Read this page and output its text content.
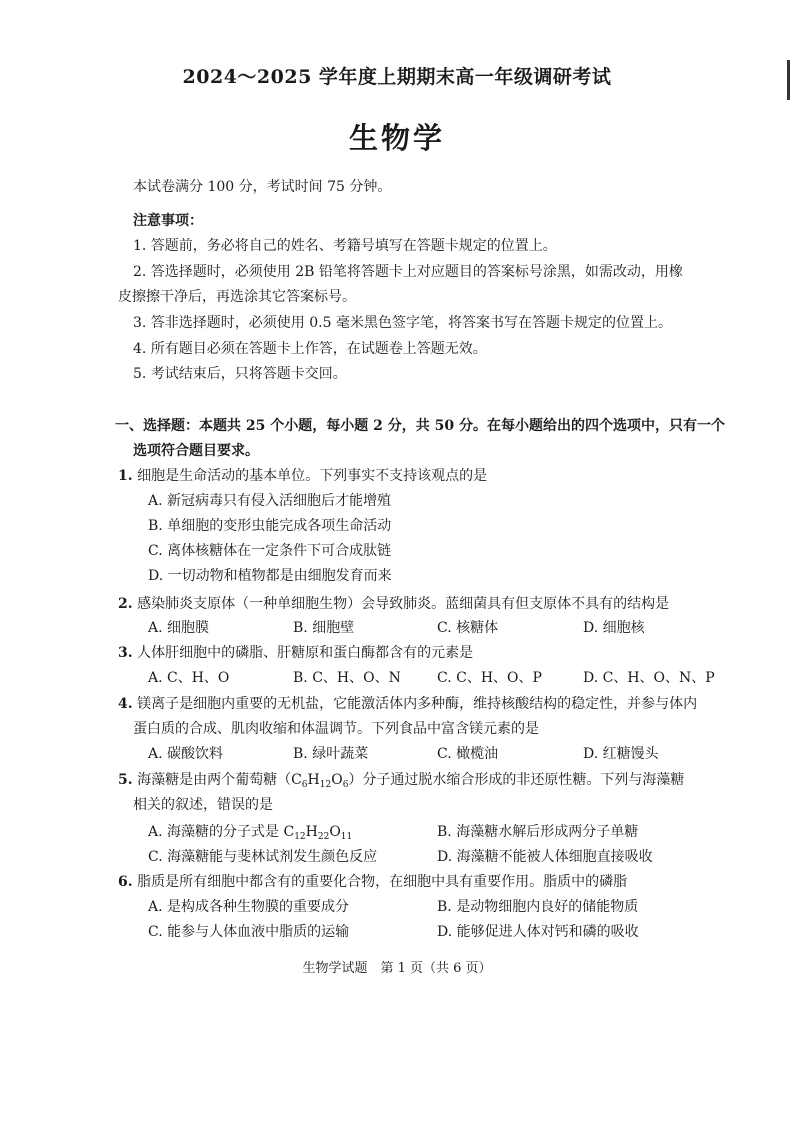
2024～2025 学年度上期期末高一年级调研考试
生物学
本试卷满分 100 分，考试时间 75 分钟。
注意事项：
1. 答题前，务必将自己的姓名、考籍号填写在答题卡规定的位置上。
2. 答选择题时，必须使用 2B 铅笔将答题卡上对应题目的答案标号涂黑，如需改动，用橡
皮擦擦干净后，再选涂其它答案标号。
3. 答非选择题时，必须使用 0.5 毫米黑色签字笔，将答案书写在答题卡规定的位置上。
4. 所有题目必须在答题卡上作答，在试题卷上答题无效。
5. 考试结束后，只将答题卡交回。
一、选择题：本题共 25 个小题，每小题 2 分，共 50 分。在每小题给出的四个选项中，只有一个
选项符合题目要求。
1. 细胞是生命活动的基本单位。下列事实不支持该观点的是
A. 新冠病毒只有侵入活细胞后才能增殖
B. 单细胞的变形虫能完成各项生命活动
C. 离体核糖体在一定条件下可合成肽链
D. 一切动物和植物都是由细胞发育而来
2. 感染肺炎支原体（一种单细胞生物）会导致肺炎。蓝细菌具有但支原体不具有的结构是
A. 细胞膜	B. 细胞壁	C. 核糖体	D. 细胞核
3. 人体肝细胞中的磷脂、肝糖原和蛋白酶都含有的元素是
A. C、H、O	B. C、H、O、N	C. C、H、O、P	D. C、H、O、N、P
4. 镁离子是细胞内重要的无机盐，它能激活体内多种酶，维持核酸结构的稳定性，并参与体内
蛋白质的合成、肌肉收缩和体温调节。下列食品中富含镁元素的是
A. 碳酸饮料	B. 绿叶蔬菜	C. 橄榄油	D. 红糖馒头
5. 海藻糖是由两个葡萄糖$(C_6H_{12}O_6)$分子通过脱水缩合形成的非还原性糖。下列与海藻糖
相关的叙述，错误的是
A. 海藻糖的分子式是 $C_{12}H_{22}O_{11}$	B. 海藻糖水解后形成两分子单糖
C. 海藻糖能与斐林试剂发生颜色反应	D. 海藻糖不能被人体细胞直接吸收
6. 脂质是所有细胞中都含有的重要化合物，在细胞中具有重要作用。脂质中的磷脂
A. 是构成各种生物膜的重要成分	B. 是动物细胞内良好的储能物质
C. 能参与人体血液中脂质的运输	D. 能够促进人体对钙和磷的吸收
生物学试题　第 1 页（共 6 页）
